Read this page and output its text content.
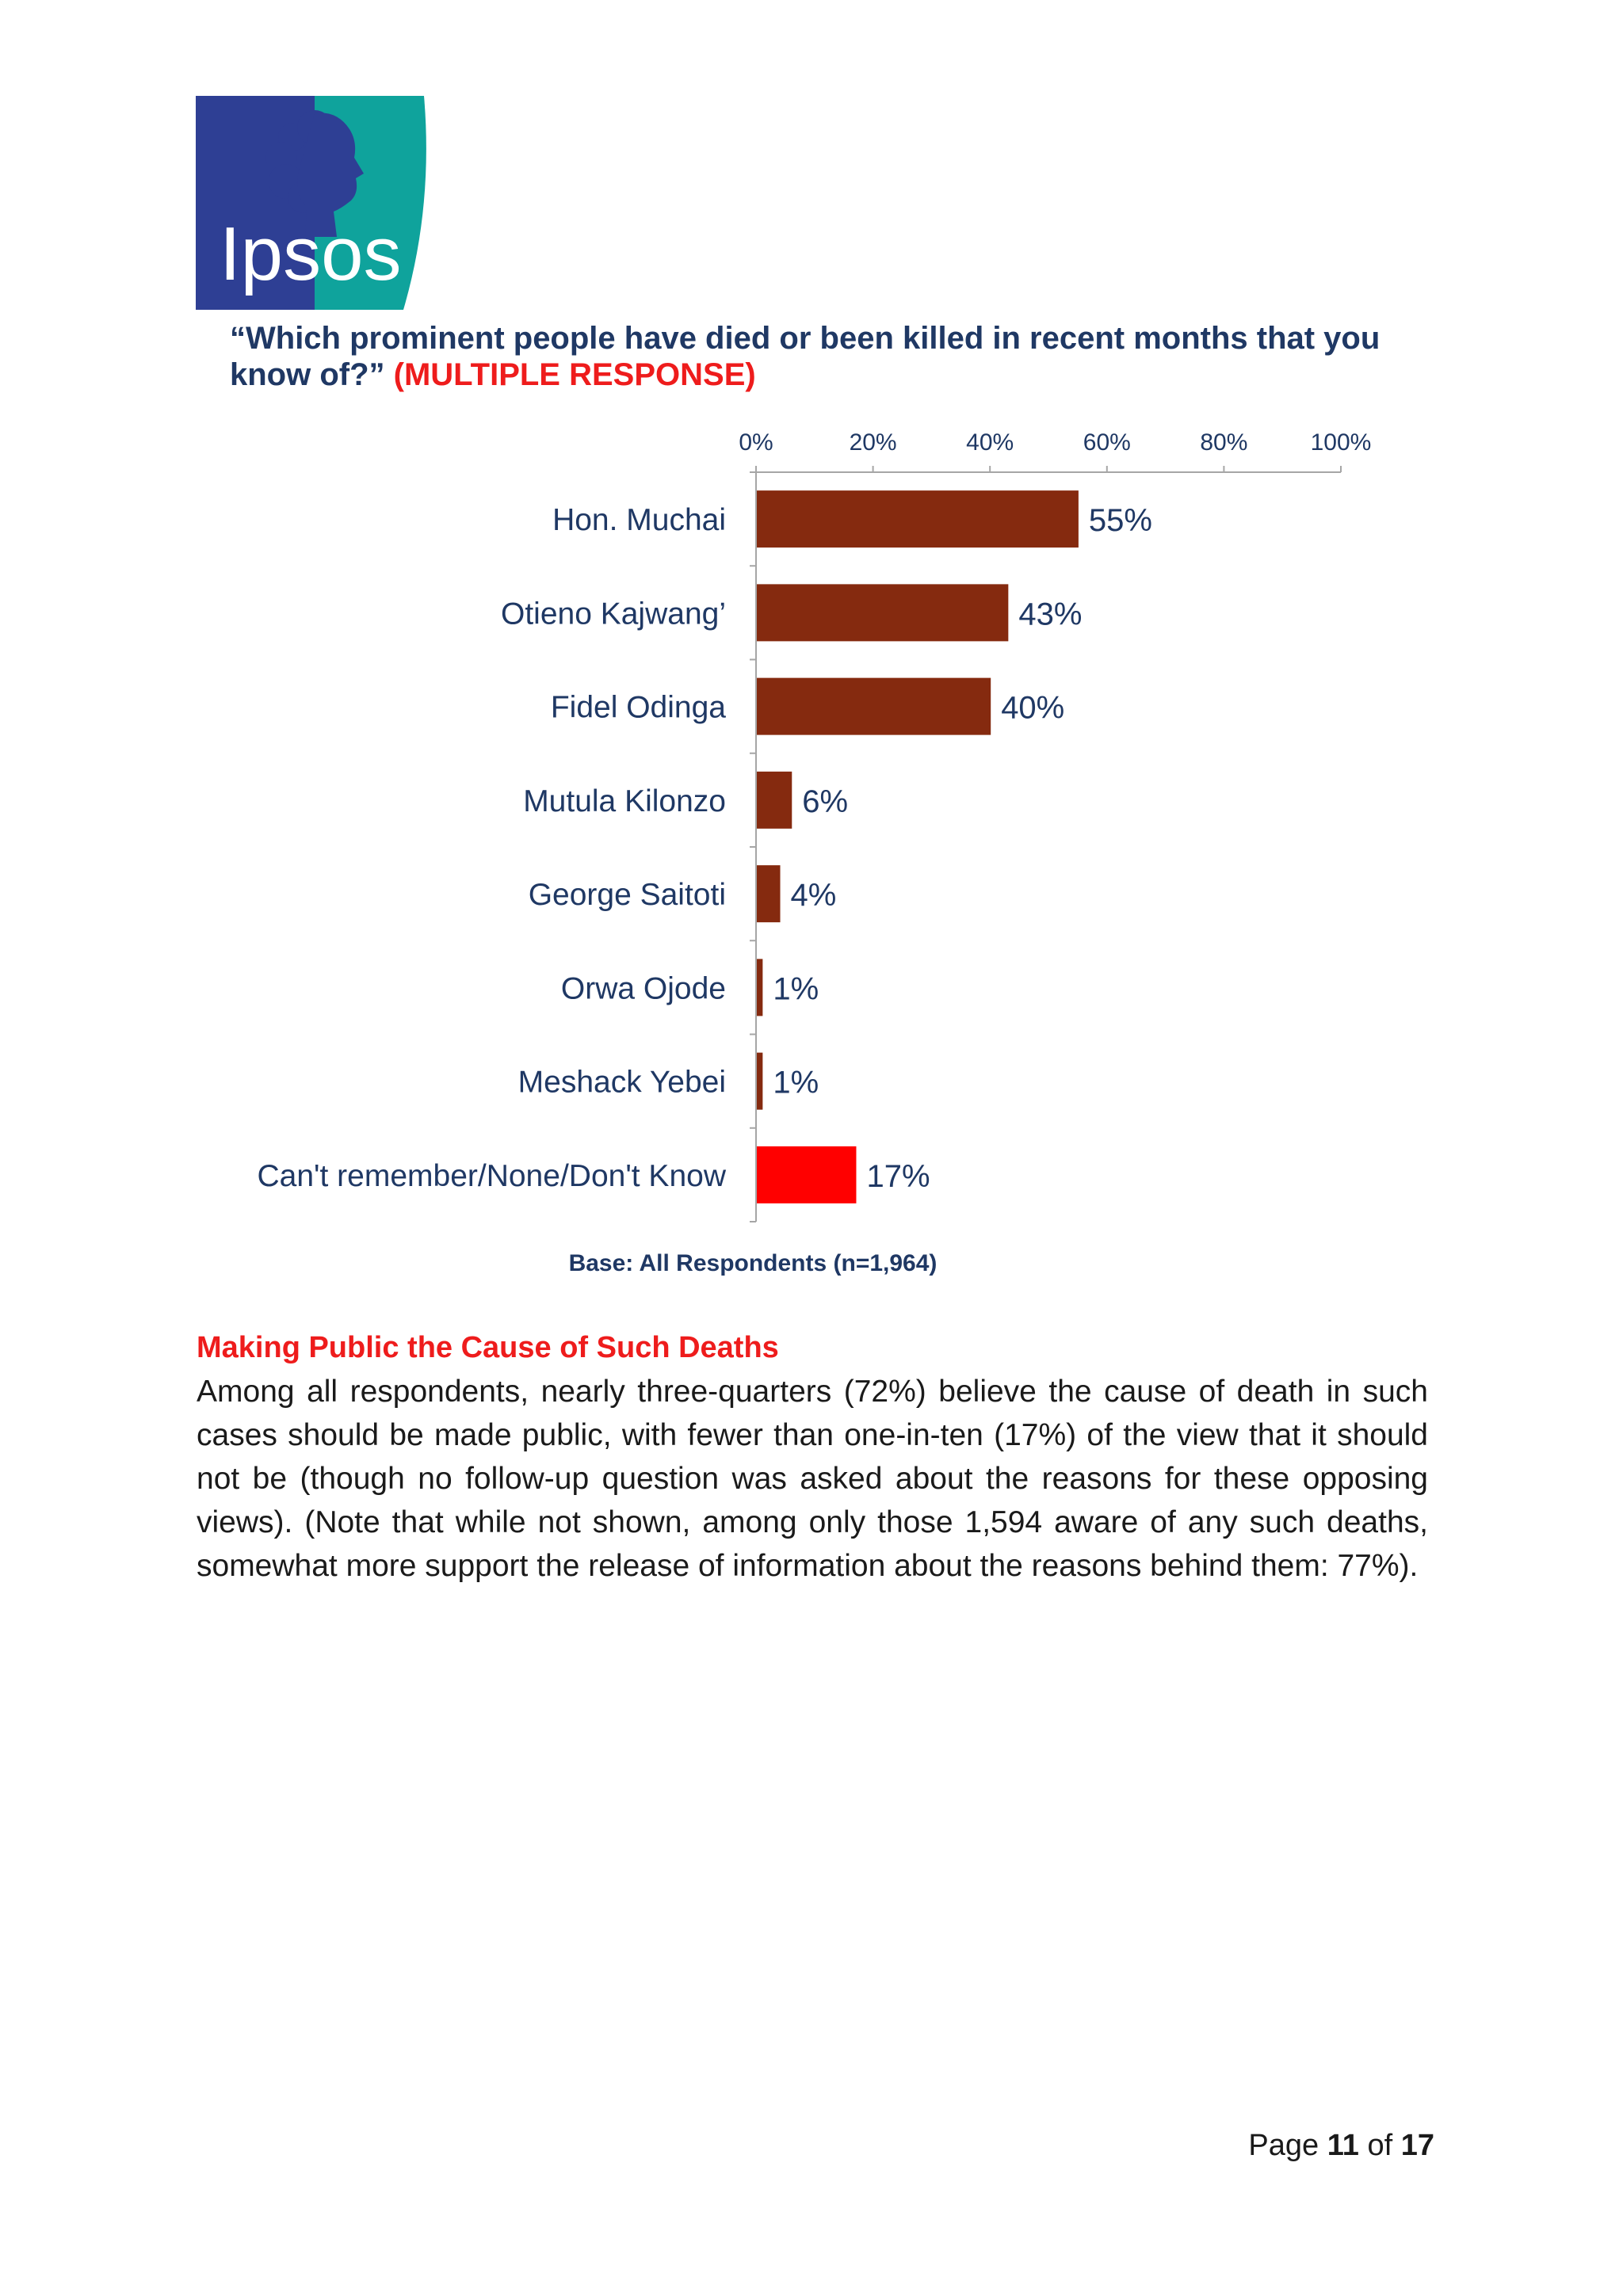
Ipsos
“Which prominent people have died or been killed in recent months that you know of?” (MULTIPLE RESPONSE)
0%	20%	40%	60%	80%	100%
Hon. Muchai	55%
Otieno Kajwang’	43%
Fidel Odinga	40%
Mutula Kilonzo 6%
George Saitoti 4%
Orwa Ojode 1%
Meshack Yebei 1%
Can't remember/None/Don't Know	17%
Base: All Respondents (n=1,964)
Making Public the Cause of Such Deaths
Among all respondents, nearly three-quarters (72%) believe the cause of death in such cases should be made public, with fewer than one-in-ten (17%) of the view that it should not be (though no follow-up question was asked about the reasons for these opposing views). (Note that while not shown, among only those 1,594 aware of any such deaths, somewhat more support the release of information about the reasons behind them: 77%).
Page 11 of 17
